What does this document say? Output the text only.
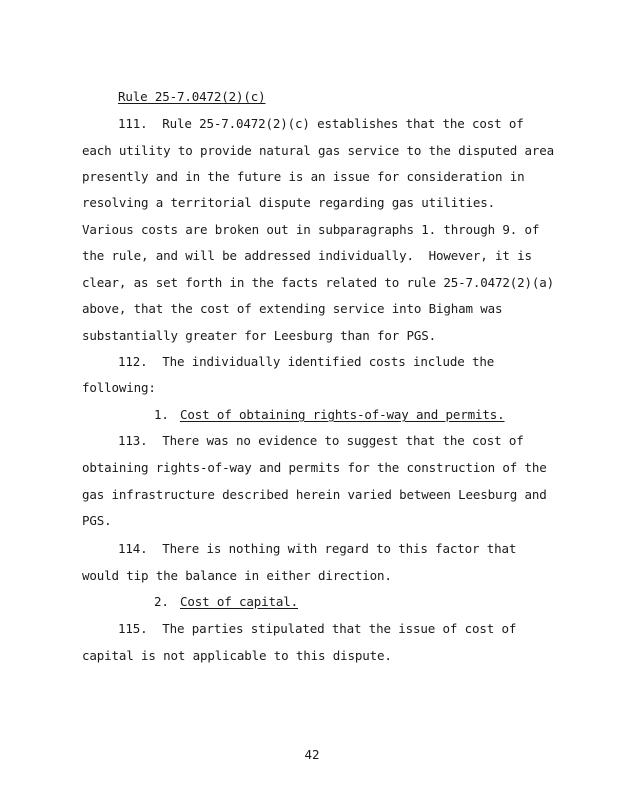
Rule 25-7.0472(2)(c)
111.  Rule 25-7.0472(2)(c) establishes that the cost of
each utility to provide natural gas service to the disputed area
presently and in the future is an issue for consideration in
resolving a territorial dispute regarding gas utilities.
Various costs are broken out in subparagraphs 1. through 9. of
the rule, and will be addressed individually.  However, it is
clear, as set forth in the facts related to rule 25-7.0472(2)(a)
above, that the cost of extending service into Bigham was
substantially greater for Leesburg than for PGS.
112.  The individually identified costs include the
following:
1. Cost of obtaining rights-of-way and permits.
113.  There was no evidence to suggest that the cost of
obtaining rights-of-way and permits for the construction of the
gas infrastructure described herein varied between Leesburg and
PGS.
114.  There is nothing with regard to this factor that
would tip the balance in either direction.
2. Cost of capital.
115.  The parties stipulated that the issue of cost of
capital is not applicable to this dispute.
42
